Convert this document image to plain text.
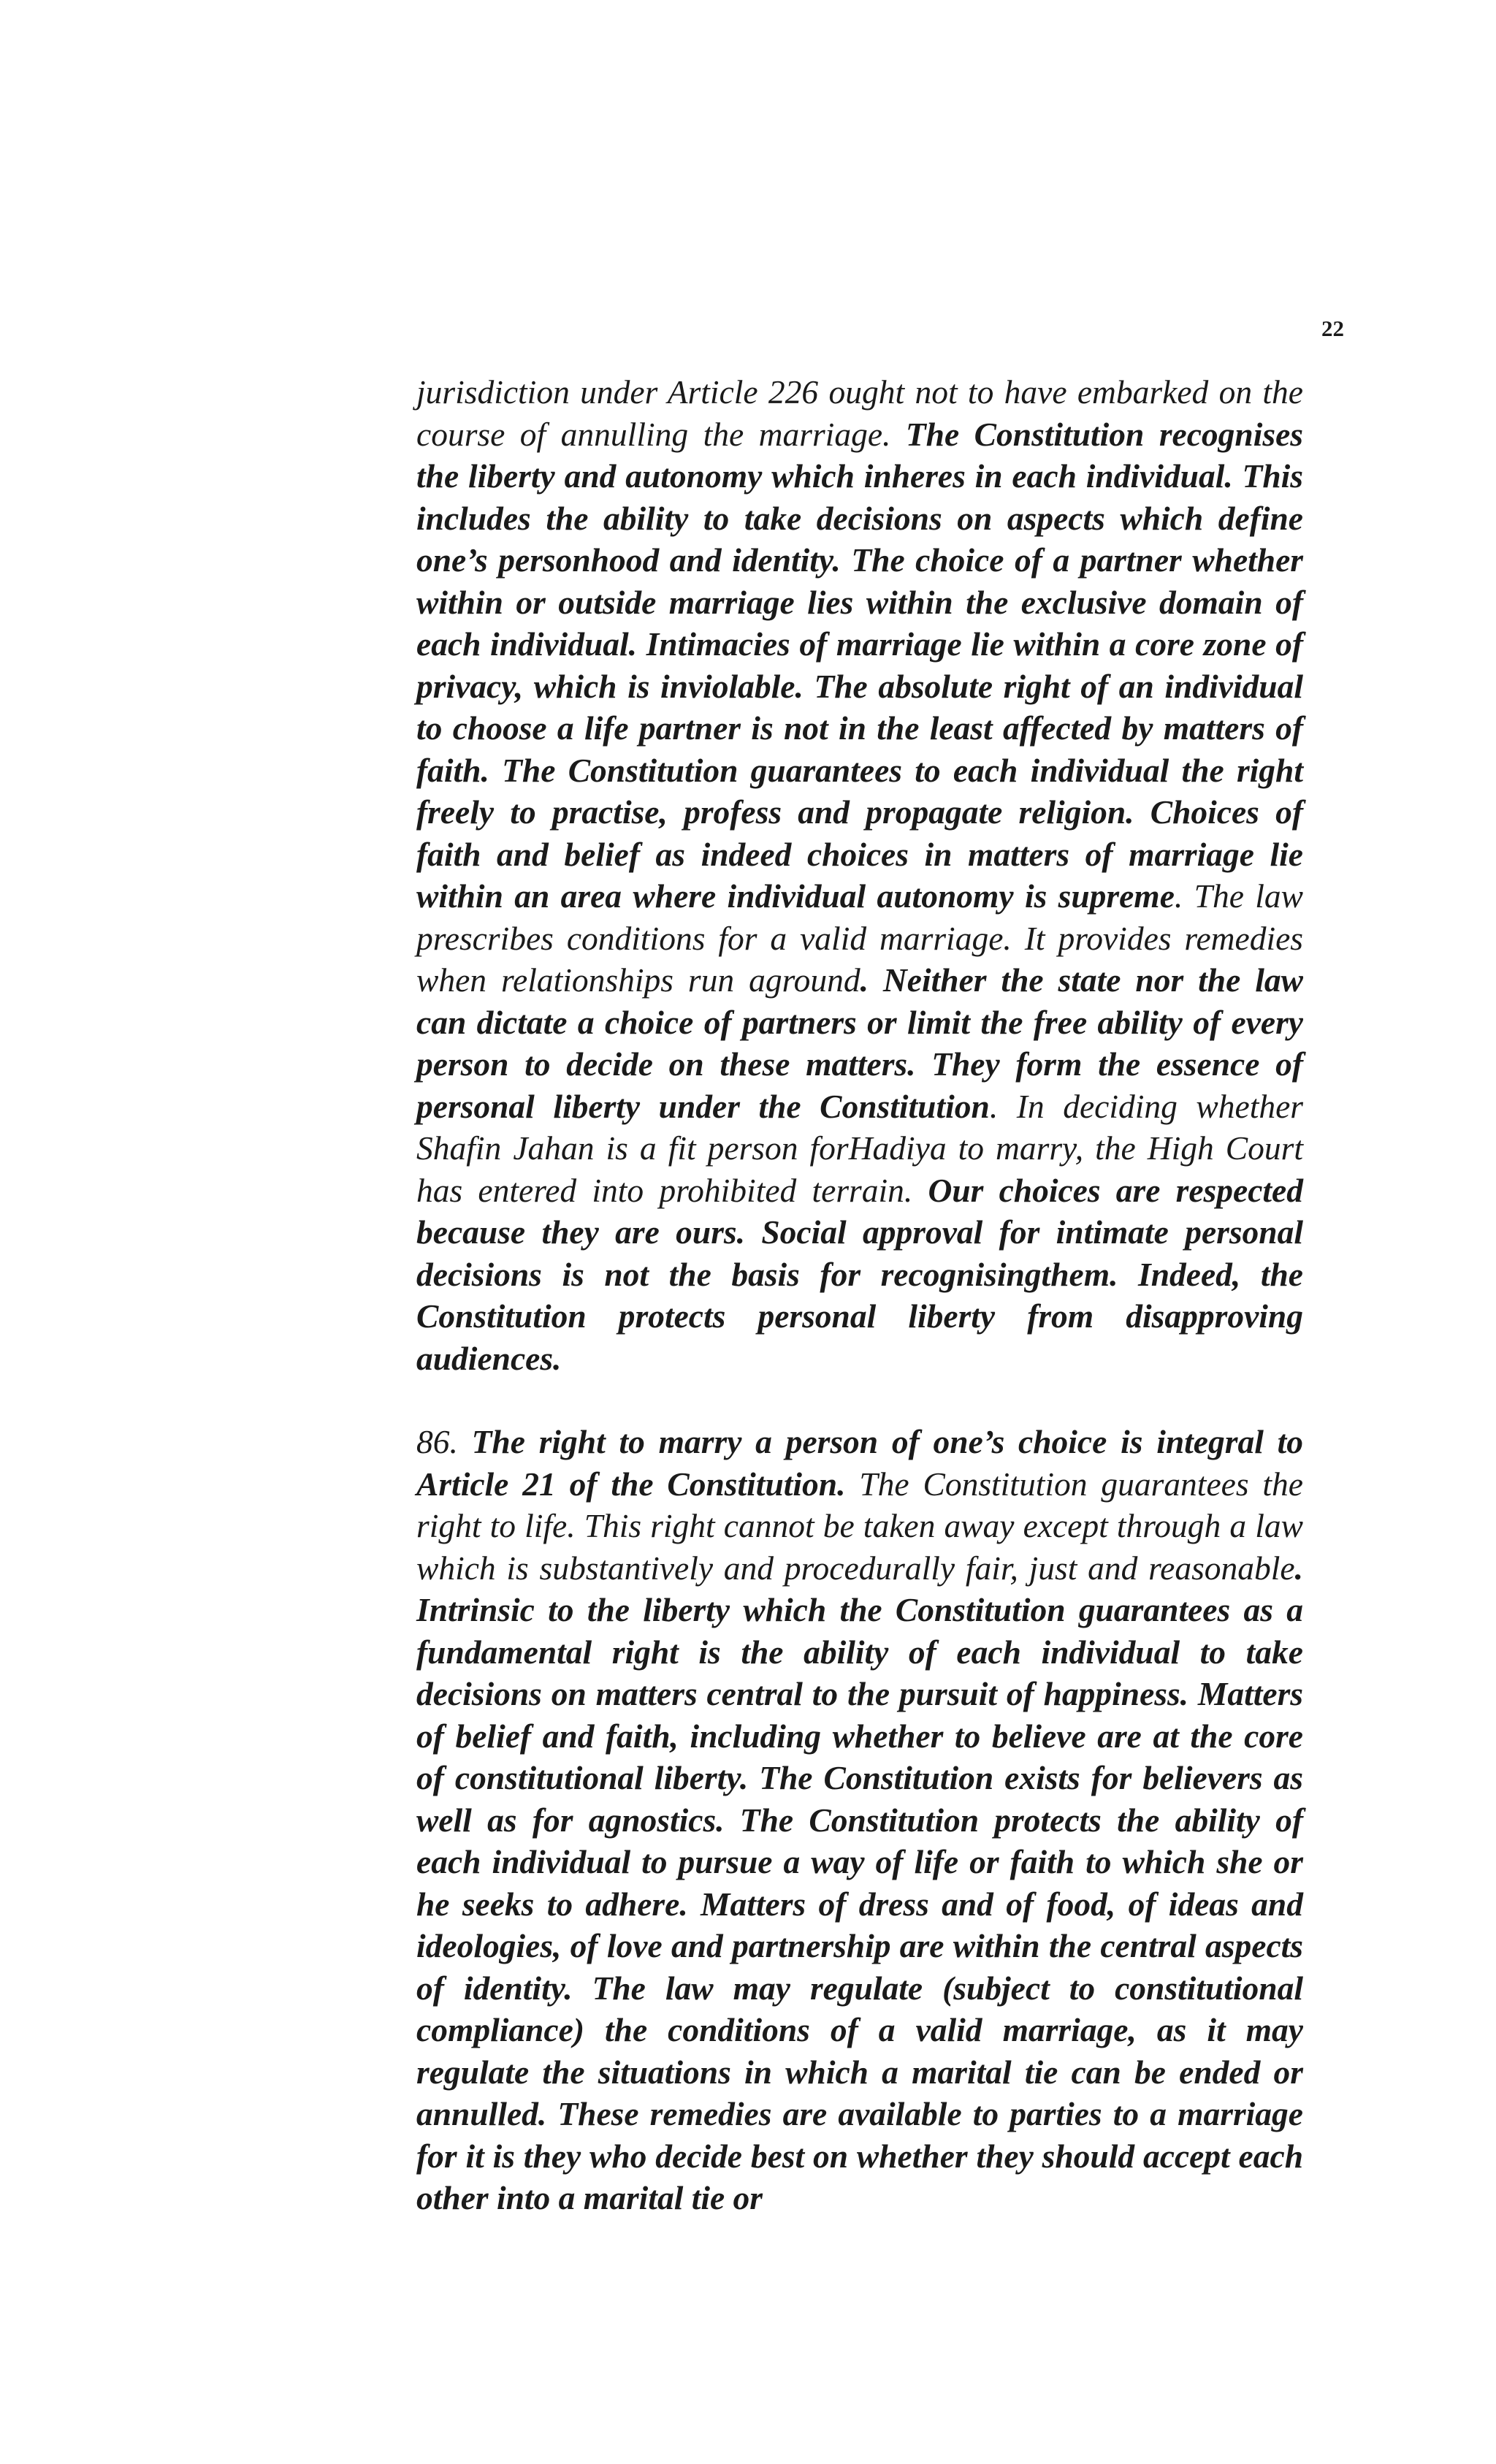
22

jurisdiction under Article 226 ought not to have embarked on the course of annulling the marriage. The Constitution recognises the liberty and autonomy which inheres in each individual. This includes the ability to take decisions on aspects which define one’s personhood and identity. The choice of a partner whether within or outside marriage lies within the exclusive domain of each individual. Intimacies of marriage lie within a core zone of privacy, which is inviolable. The absolute right of an individual to choose a life partner is not in the least affected by matters of faith. The Constitution guarantees to each individual the right freely to practise, profess and propagate religion. Choices of faith and belief as indeed choices in matters of marriage lie within an area where individual autonomy is supreme. The law prescribes conditions for a valid marriage. It provides remedies when relationships run aground. Neither the state nor the law can dictate a choice of partners or limit the free ability of every person to decide on these matters. They form the essence of personal liberty under the Constitution. In deciding whether Shafin Jahan is a fit person forHadiya to marry, the High Court has entered into prohibited terrain. Our choices are respected because they are ours. Social approval for intimate personal decisions is not the basis for recognisingthem. Indeed, the Constitution protects personal liberty from disapproving audiences.

86. The right to marry a person of one’s choice is integral to Article 21 of the Constitution. The Constitution guarantees the right to life. This right cannot be taken away except through a law which is substantively and procedurally fair, just and reasonable. Intrinsic to the liberty which the Constitution guarantees as a fundamental right is the ability of each individual to take decisions on matters central to the pursuit of happiness. Matters of belief and faith, including whether to believe are at the core of constitutional liberty. The Constitution exists for believers as well as for agnostics. The Constitution protects the ability of each individual to pursue a way of life or faith to which she or he seeks to adhere. Matters of dress and of food, of ideas and ideologies, of love and partnership are within the central aspects of identity. The law may regulate (subject to constitutional compliance) the conditions of a valid marriage, as it may regulate the situations in which a marital tie can be ended or annulled. These remedies are available to parties to a marriage for it is they who decide best on whether they should accept each other into a marital tie or
